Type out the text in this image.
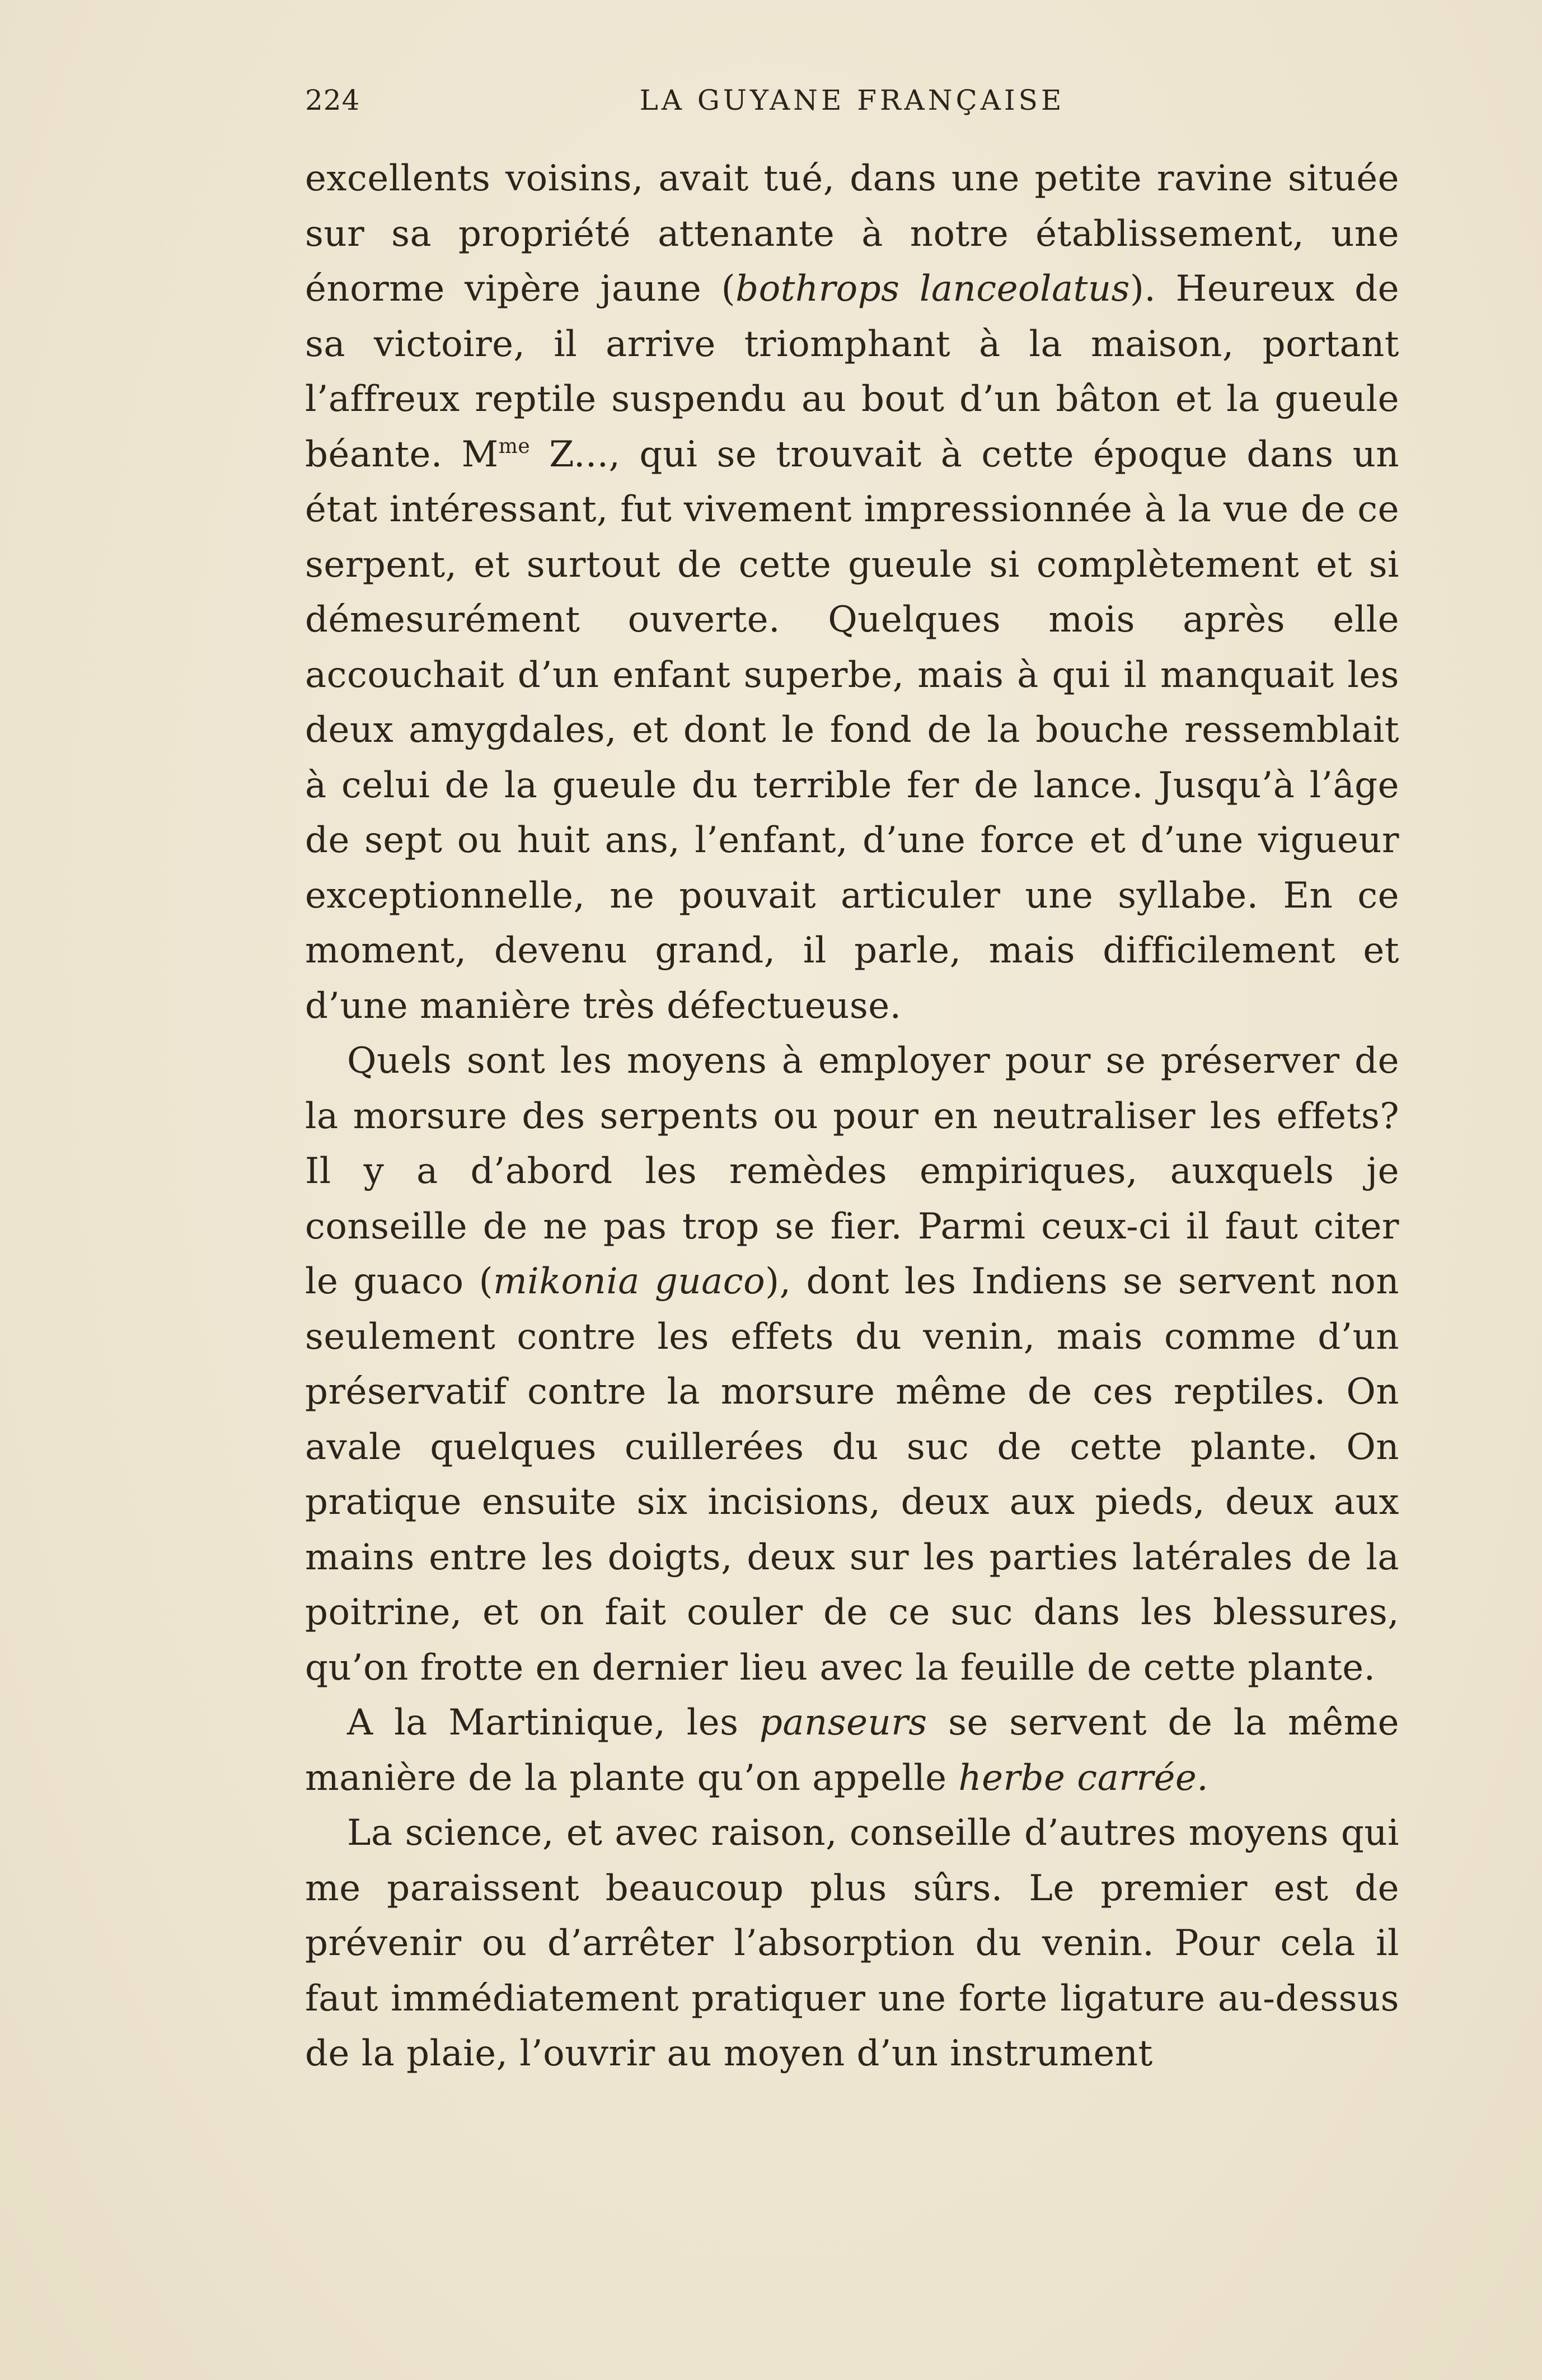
224	LA GUYANE FRANÇAISE

excellents voisins, avait tué, dans une petite ravine située sur sa propriété attenante à notre établissement, une énorme vipère jaune (bothrops lanceolatus). Heureux de sa victoire, il arrive triomphant à la maison, portant l’affreux reptile suspendu au bout d’un bâton et la gueule béante. $M^{me}$ Z..., qui se trouvait à cette époque dans un état intéressant, fut vivement impressionnée à la vue de ce serpent, et surtout de cette gueule si complètement et si démesurément ouverte. Quelques mois après elle accouchait d’un enfant superbe, mais à qui il manquait les deux amygdales, et dont le fond de la bouche ressemblait à celui de la gueule du terrible fer de lance. Jusqu’à l’âge de sept ou huit ans, l’enfant, d’une force et d’une vigueur exceptionnelle, ne pouvait articuler une syllabe. En ce moment, devenu grand, il parle, mais difficilement et d’une manière très défectueuse.

Quels sont les moyens à employer pour se préserver de la morsure des serpents ou pour en neutraliser les effets? Il y a d’abord les remèdes empiriques, auxquels je conseille de ne pas trop se fier. Parmi ceux-ci il faut citer le guaco (mikonia guaco), dont les Indiens se servent non seulement contre les effets du venin, mais comme d’un préservatif contre la morsure même de ces reptiles. On avale quelques cuillerées du suc de cette plante. On pratique ensuite six incisions, deux aux pieds, deux aux mains entre les doigts, deux sur les parties latérales de la poitrine, et on fait couler de ce suc dans les blessures, qu’on frotte en dernier lieu avec la feuille de cette plante.

A la Martinique, les panseurs se servent de la même manière de la plante qu’on appelle herbe carrée.

La science, et avec raison, conseille d’autres moyens qui me paraissent beaucoup plus sûrs. Le premier est de prévenir ou d’arrêter l’absorption du venin. Pour cela il faut immédiatement pratiquer une forte ligature au-dessus de la plaie, l’ouvrir au moyen d’un instrument
